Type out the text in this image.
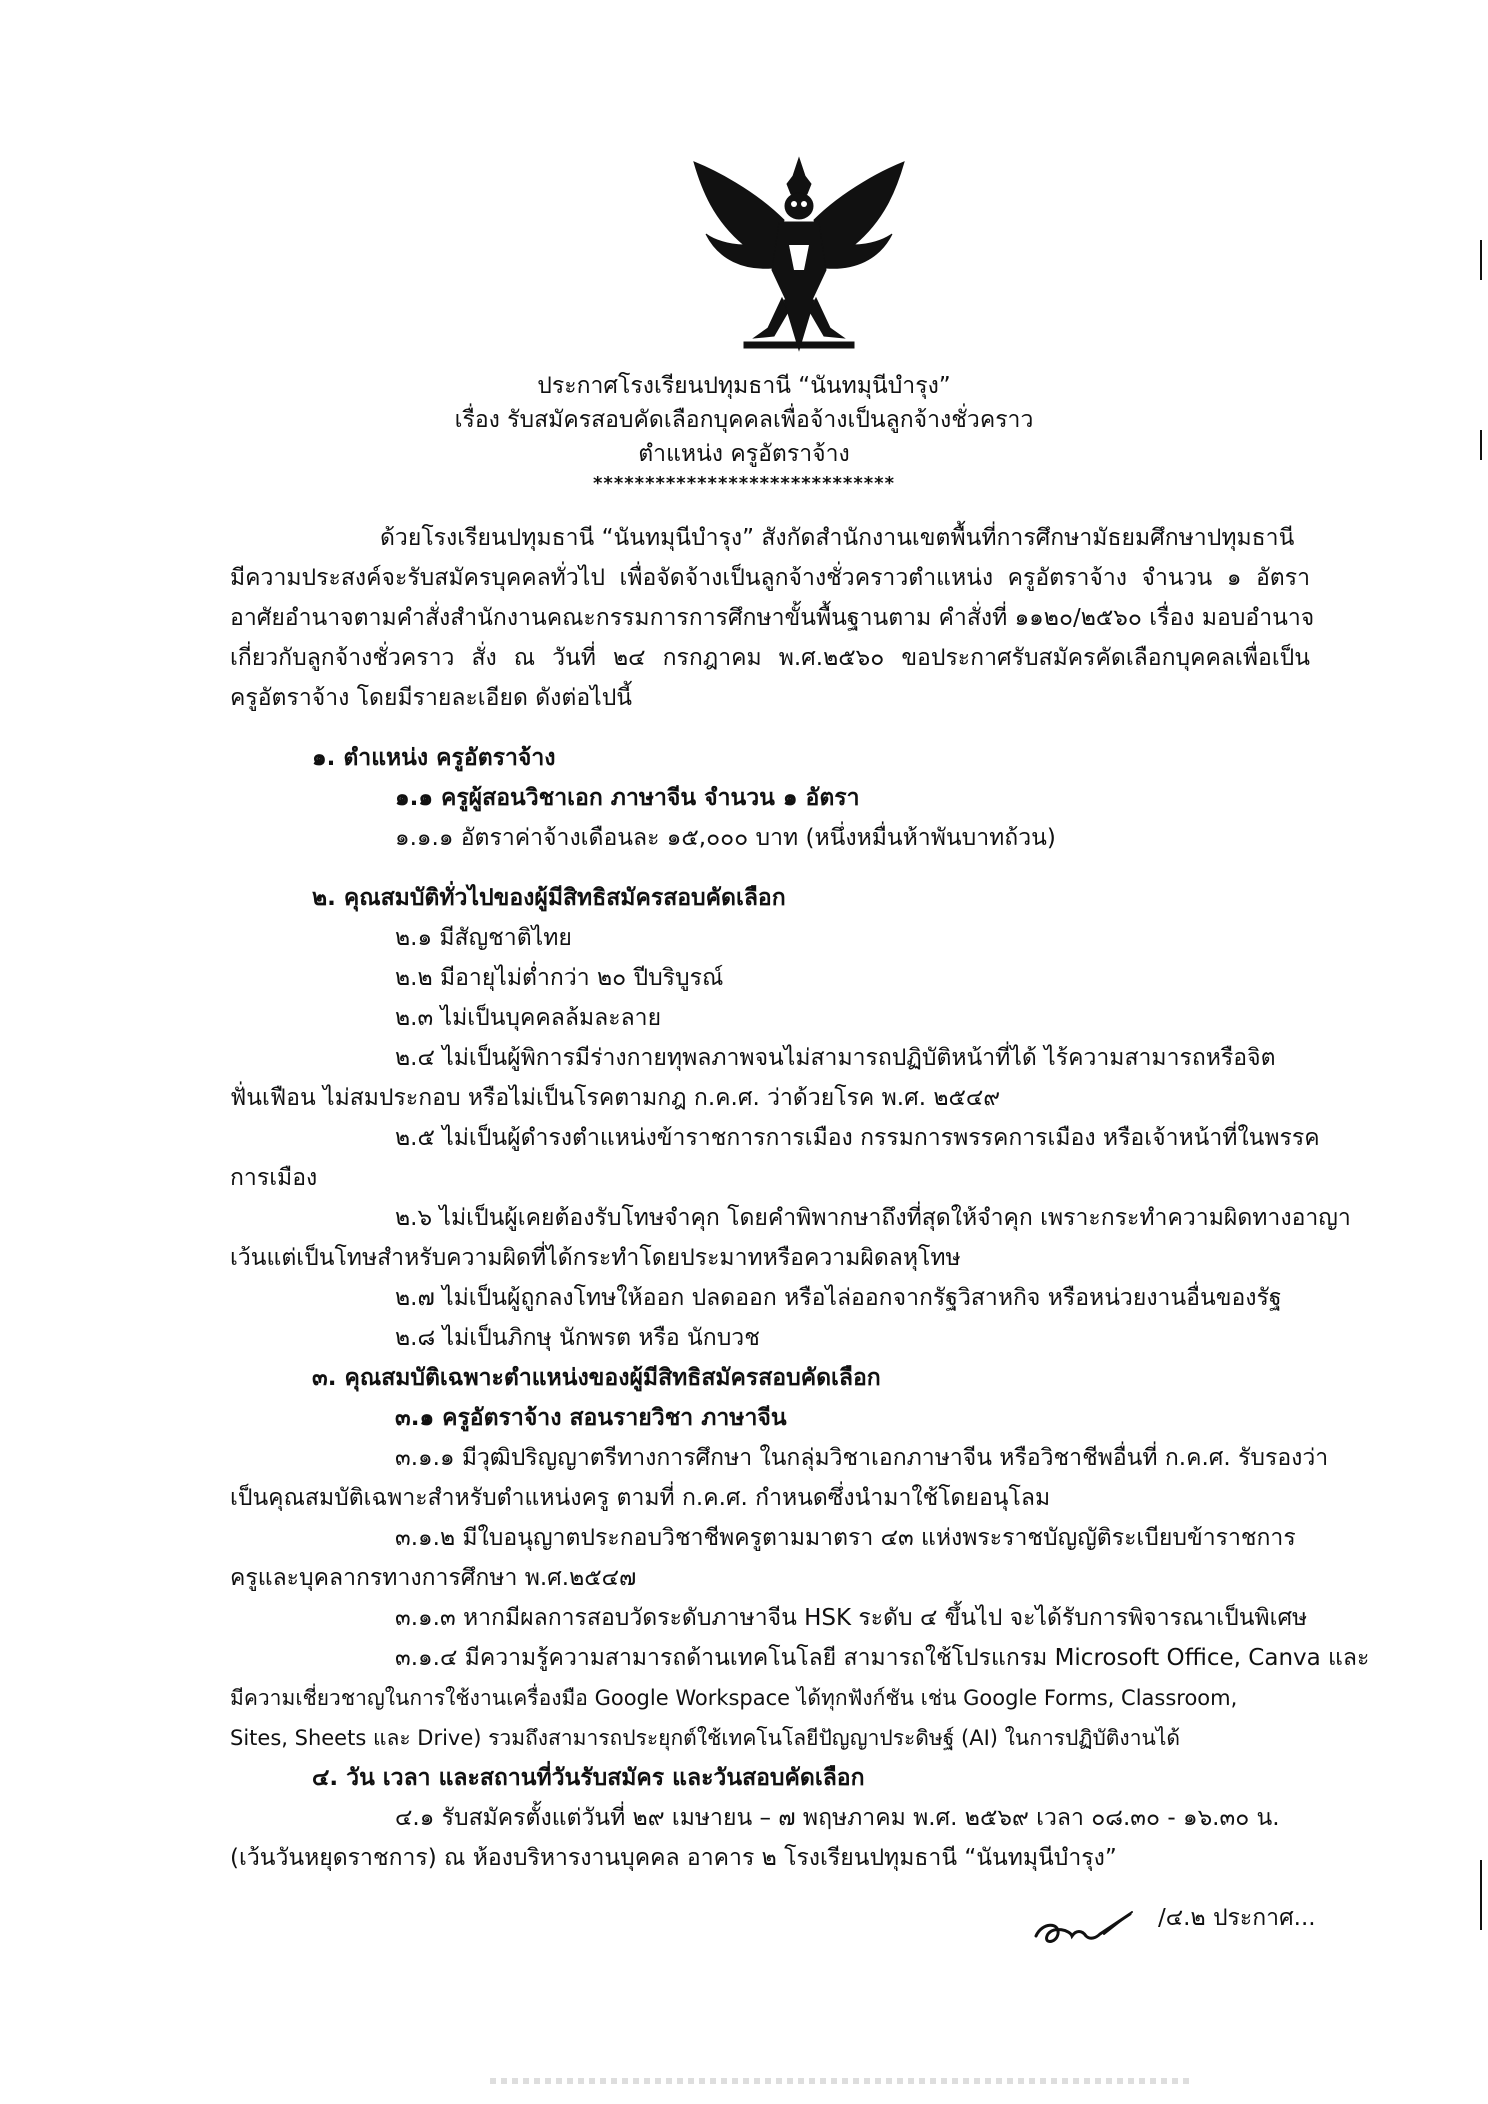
ประกาศโรงเรียนปทุมธานี “นันทมุนีบำรุง”
เรื่อง รับสมัครสอบคัดเลือกบุคคลเพื่อจ้างเป็นลูกจ้างชั่วคราว
ตำแหน่ง ครูอัตราจ้าง
*****************************
ด้วยโรงเรียนปทุมธานี “นันทมุนีบำรุง” สังกัดสำนักงานเขตพื้นที่การศึกษามัธยมศึกษาปทุมธานี
มีความประสงค์จะรับสมัครบุคคลทั่วไป เพื่อจัดจ้างเป็นลูกจ้างชั่วคราวตำแหน่ง ครูอัตราจ้าง จำนวน ๑ อัตรา
อาศัยอำนาจตามคำสั่งสำนักงานคณะกรรมการการศึกษาขั้นพื้นฐานตาม คำสั่งที่ ๑๑๒๐/๒๕๖๐ เรื่อง มอบอำนาจ
เกี่ยวกับลูกจ้างชั่วคราว สั่ง ณ วันที่ ๒๔ กรกฎาคม พ.ศ.๒๕๖๐ ขอประกาศรับสมัครคัดเลือกบุคคลเพื่อเป็น
ครูอัตราจ้าง โดยมีรายละเอียด ดังต่อไปนี้
๑. ตำแหน่ง ครูอัตราจ้าง
๑.๑ ครูผู้สอนวิชาเอก ภาษาจีน จำนวน ๑ อัตรา
๑.๑.๑ อัตราค่าจ้างเดือนละ ๑๕,๐๐๐ บาท (หนึ่งหมื่นห้าพันบาทถ้วน)
๒. คุณสมบัติทั่วไปของผู้มีสิทธิสมัครสอบคัดเลือก
๒.๑ มีสัญชาติไทย
๒.๒ มีอายุไม่ต่ำกว่า ๒๐ ปีบริบูรณ์
๒.๓ ไม่เป็นบุคคลล้มละลาย
๒.๔ ไม่เป็นผู้พิการมีร่างกายทุพลภาพจนไม่สามารถปฏิบัติหน้าที่ได้ ไร้ความสามารถหรือจิต
ฟั่นเฟือน ไม่สมประกอบ หรือไม่เป็นโรคตามกฎ ก.ค.ศ. ว่าด้วยโรค พ.ศ. ๒๕๔๙
๒.๕ ไม่เป็นผู้ดำรงตำแหน่งข้าราชการการเมือง กรรมการพรรคการเมือง หรือเจ้าหน้าที่ในพรรค
การเมือง
๒.๖ ไม่เป็นผู้เคยต้องรับโทษจำคุก โดยคำพิพากษาถึงที่สุดให้จำคุก เพราะกระทำความผิดทางอาญา
เว้นแต่เป็นโทษสำหรับความผิดที่ได้กระทำโดยประมาทหรือความผิดลหุโทษ
๒.๗ ไม่เป็นผู้ถูกลงโทษให้ออก ปลดออก หรือไล่ออกจากรัฐวิสาหกิจ หรือหน่วยงานอื่นของรัฐ
๒.๘ ไม่เป็นภิกษุ นักพรต หรือ นักบวช
๓. คุณสมบัติเฉพาะตำแหน่งของผู้มีสิทธิสมัครสอบคัดเลือก
๓.๑ ครูอัตราจ้าง สอนรายวิชา ภาษาจีน
๓.๑.๑ มีวุฒิปริญญาตรีทางการศึกษา ในกลุ่มวิชาเอกภาษาจีน หรือวิชาชีพอื่นที่ ก.ค.ศ. รับรองว่า
เป็นคุณสมบัติเฉพาะสำหรับตำแหน่งครู ตามที่ ก.ค.ศ. กำหนดซึ่งนำมาใช้โดยอนุโลม
๓.๑.๒ มีใบอนุญาตประกอบวิชาชีพครูตามมาตรา ๔๓ แห่งพระราชบัญญัติระเบียบข้าราชการ
ครูและบุคลากรทางการศึกษา พ.ศ.๒๕๔๗
๓.๑.๓ หากมีผลการสอบวัดระดับภาษาจีน HSK ระดับ ๔ ขึ้นไป จะได้รับการพิจารณาเป็นพิเศษ
๓.๑.๔ มีความรู้ความสามารถด้านเทคโนโลยี สามารถใช้โปรแกรม Microsoft Office, Canva และ
มีความเชี่ยวชาญในการใช้งานเครื่องมือ Google Workspace ได้ทุกฟังก์ชัน เช่น Google Forms, Classroom,
Sites, Sheets และ Drive) รวมถึงสามารถประยุกต์ใช้เทคโนโลยีปัญญาประดิษฐ์ (AI) ในการปฏิบัติงานได้
๔. วัน เวลา และสถานที่วันรับสมัคร และวันสอบคัดเลือก
๔.๑ รับสมัครตั้งแต่วันที่ ๒๙ เมษายน – ๗ พฤษภาคม พ.ศ. ๒๕๖๙ เวลา ๐๘.๓๐ - ๑๖.๓๐ น.
(เว้นวันหยุดราชการ) ณ ห้องบริหารงานบุคคล อาคาร ๒ โรงเรียนปทุมธานี “นันทมุนีบำรุง”
/๔.๒ ประกาศ...
